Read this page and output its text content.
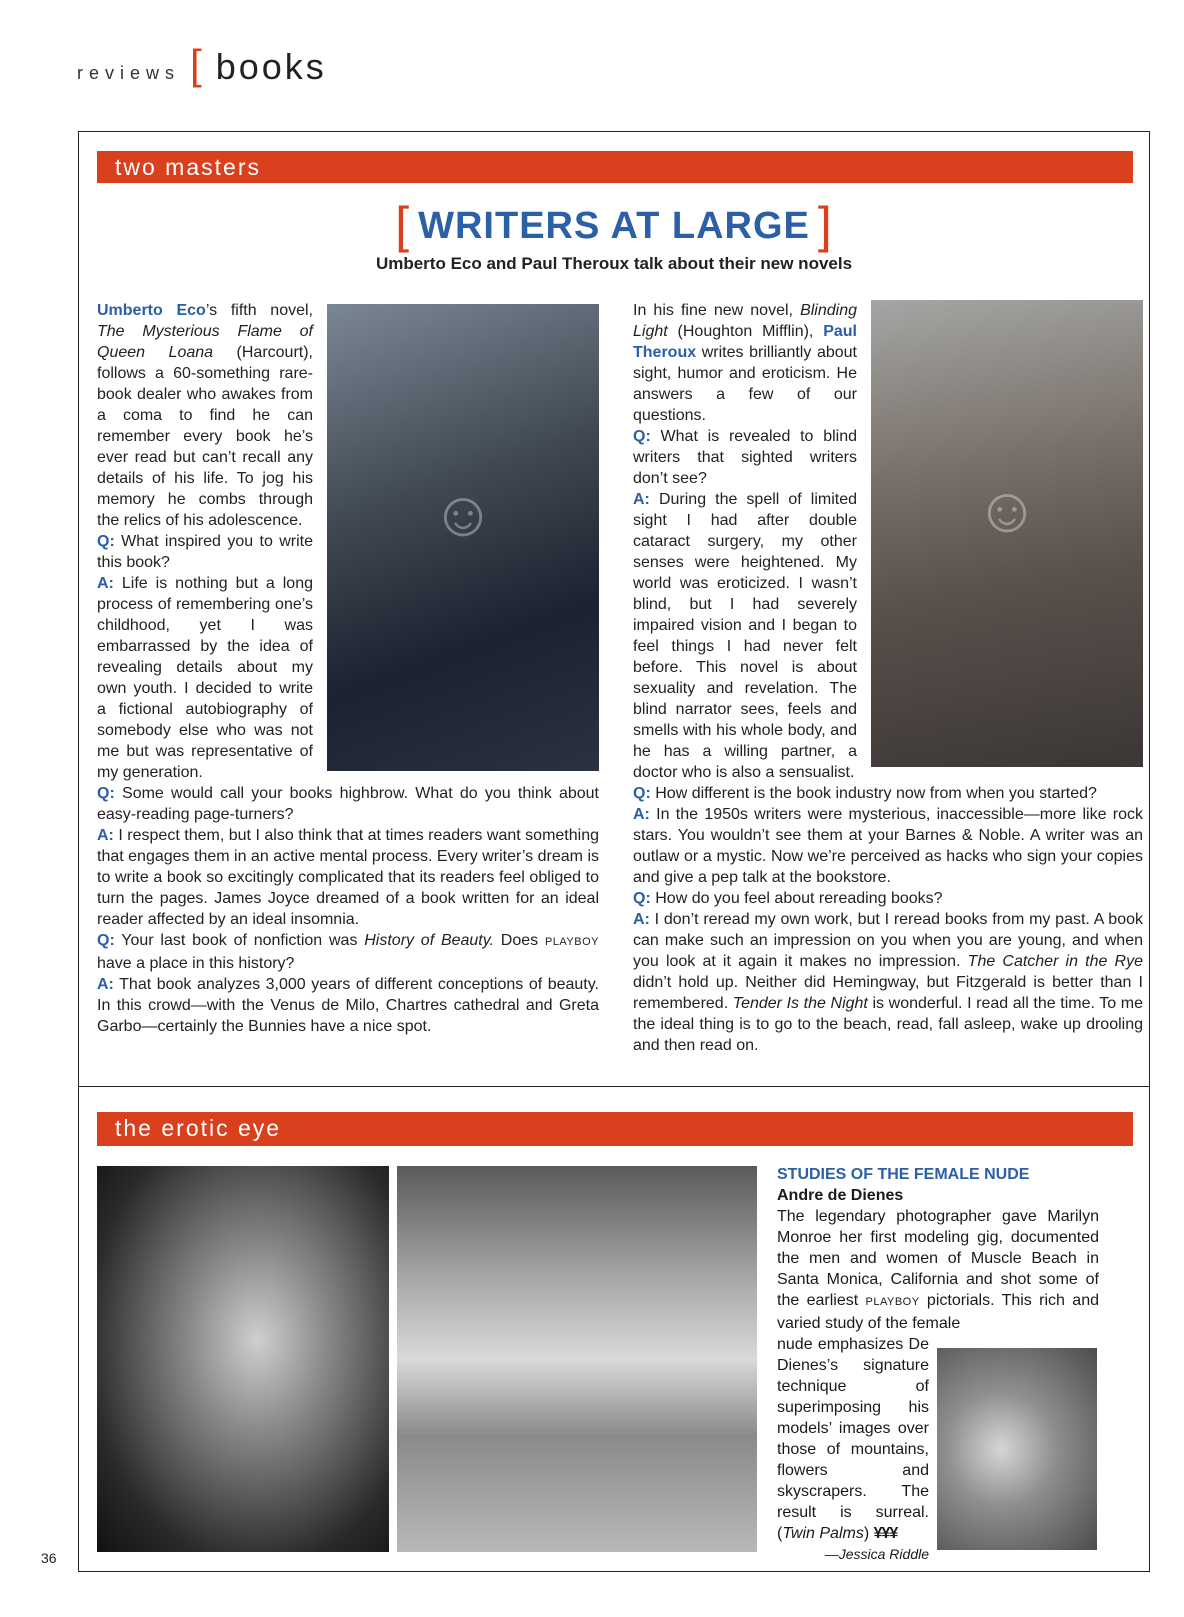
reviews [ books
two masters
[ WRITERS AT LARGE ]
Umberto Eco and Paul Theroux talk about their new novels
☺

Umberto Eco’s fifth novel, The Mysterious Flame of Queen Loana (Harcourt), follows a 60-something rare-book dealer who awakes from a coma to find he can remember every book he’s ever read but can’t recall any details of his life. To jog his memory he combs through the relics of his adolescence.

Q: What inspired you to write this book?

A: Life is nothing but a long process of remembering one’s childhood, yet I was embarrassed by the idea of revealing details about my own youth. I decided to write a fictional autobiography of somebody else who was not me but was representative of my generation.

Q: Some would call your books highbrow. What do you think about easy-reading page-turners?

A: I respect them, but I also think that at times readers want something that engages them in an active mental process. Every writer’s dream is to write a book so excitingly complicated that its readers feel obliged to turn the pages. James Joyce dreamed of a book written for an ideal reader affected by an ideal insomnia.

Q: Your last book of nonfiction was History of Beauty. Does PLAYBOY have a place in this history?

A: That book analyzes 3,000 years of different conceptions of beauty. In this crowd—with the Venus de Milo, Chartres cathedral and Greta Garbo—certainly the Bunnies have a nice spot.

☺

In his fine new novel, Blinding Light (Houghton Mifflin), Paul Theroux writes brilliantly about sight, humor and eroticism. He answers a few of our questions.

Q: What is revealed to blind writers that sighted writers don’t see?

A: During the spell of limited sight I had after double cataract surgery, my other senses were heightened. My world was eroticized. I wasn’t blind, but I had severely impaired vision and I began to feel things I had never felt before. This novel is about sexuality and revelation. The blind narrator sees, feels and smells with his whole body, and he has a willing partner, a doctor who is also a sensualist.

Q: How different is the book industry now from when you started?

A: In the 1950s writers were mysterious, inaccessible—more like rock stars. You wouldn’t see them at your Barnes & Noble. A writer was an outlaw or a mystic. Now we’re perceived as hacks who sign your copies and give a pep talk at the bookstore.

Q: How do you feel about rereading books?

A: I don’t reread my own work, but I reread books from my past. A book can make such an impression on you when you are young, and when you look at it again it makes no impression. The Catcher in the Rye didn’t hold up. Neither did Hemingway, but Fitzgerald is better than I remembered. Tender Is the Night is wonderful. I read all the time. To me the ideal thing is to go to the beach, read, fall asleep, wake up drooling and then read on.

the erotic eye
STUDIES OF THE FEMALE NUDE
Andre de Dienes

The legendary photographer gave Marilyn Monroe her first modeling gig, documented the men and women of Muscle Beach in Santa Monica, California and shot some of the earliest PLAYBOY pictorials. This rich and varied study of the female

nude emphasizes De Dienes’s signature technique of superimposing his models’ images over those of mountains, flowers and skyscrapers. The result is surreal. (Twin Palms) ¥¥¥

—Jessica Riddle
36
